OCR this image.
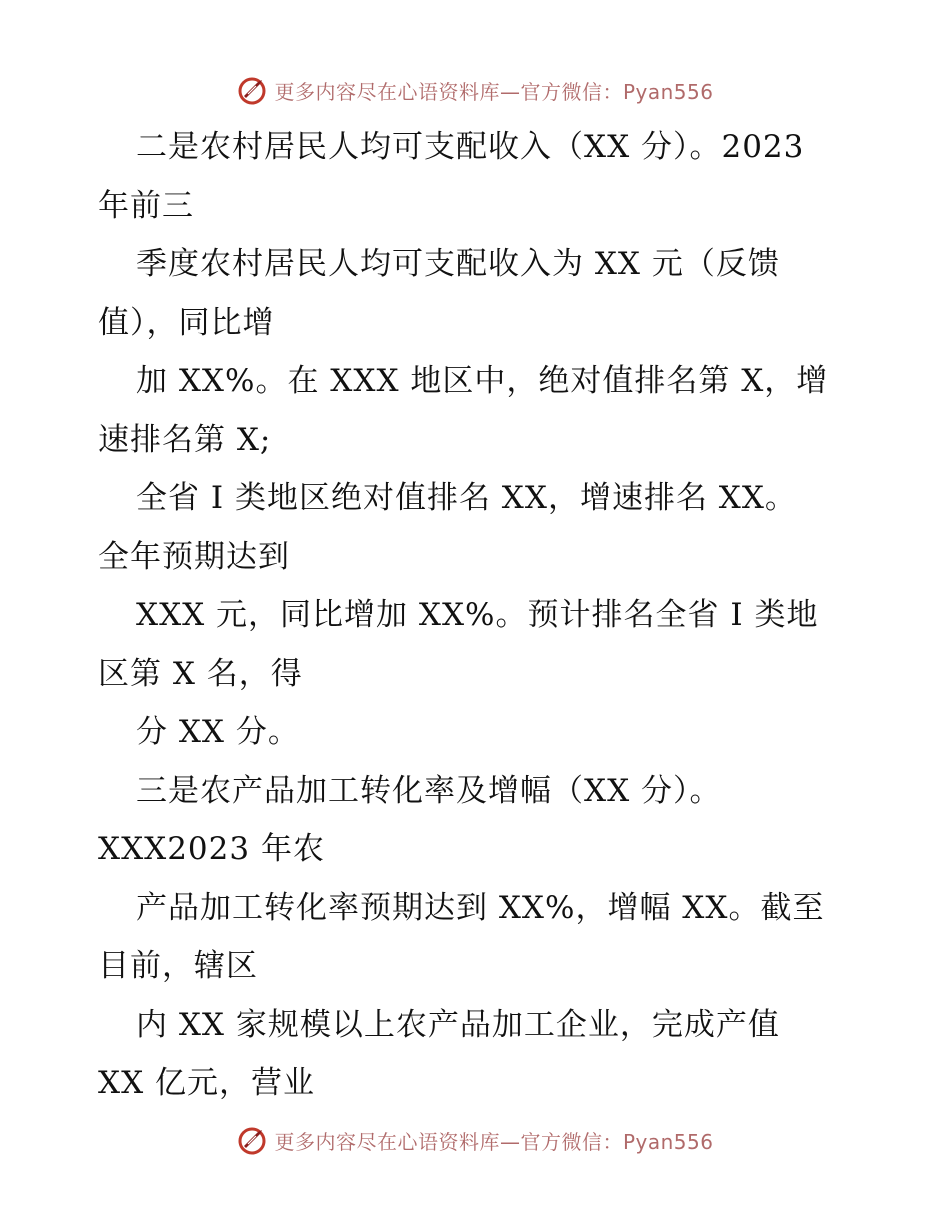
更多内容尽在心语资料库—官方微信：Pyan556
二是农村居民人均可支配收入（XX 分）。2023
年前三
季度农村居民人均可支配收入为 XX 元（反馈
值），同比增
加 XX%。在 XXX 地区中，绝对值排名第 X，增
速排名第 X;
全省 I 类地区绝对值排名 XX，增速排名 XX。
全年预期达到
XXX 元，同比增加 XX%。预计排名全省 I 类地
区第 X 名，得
分 XX 分。
三是农产品加工转化率及增幅（XX 分）。
XXX2023 年农
产品加工转化率预期达到 XX%，增幅 XX。截至
目前，辖区
内 XX 家规模以上农产品加工企业，完成产值
XX 亿元，营业
更多内容尽在心语资料库—官方微信：Pyan556
